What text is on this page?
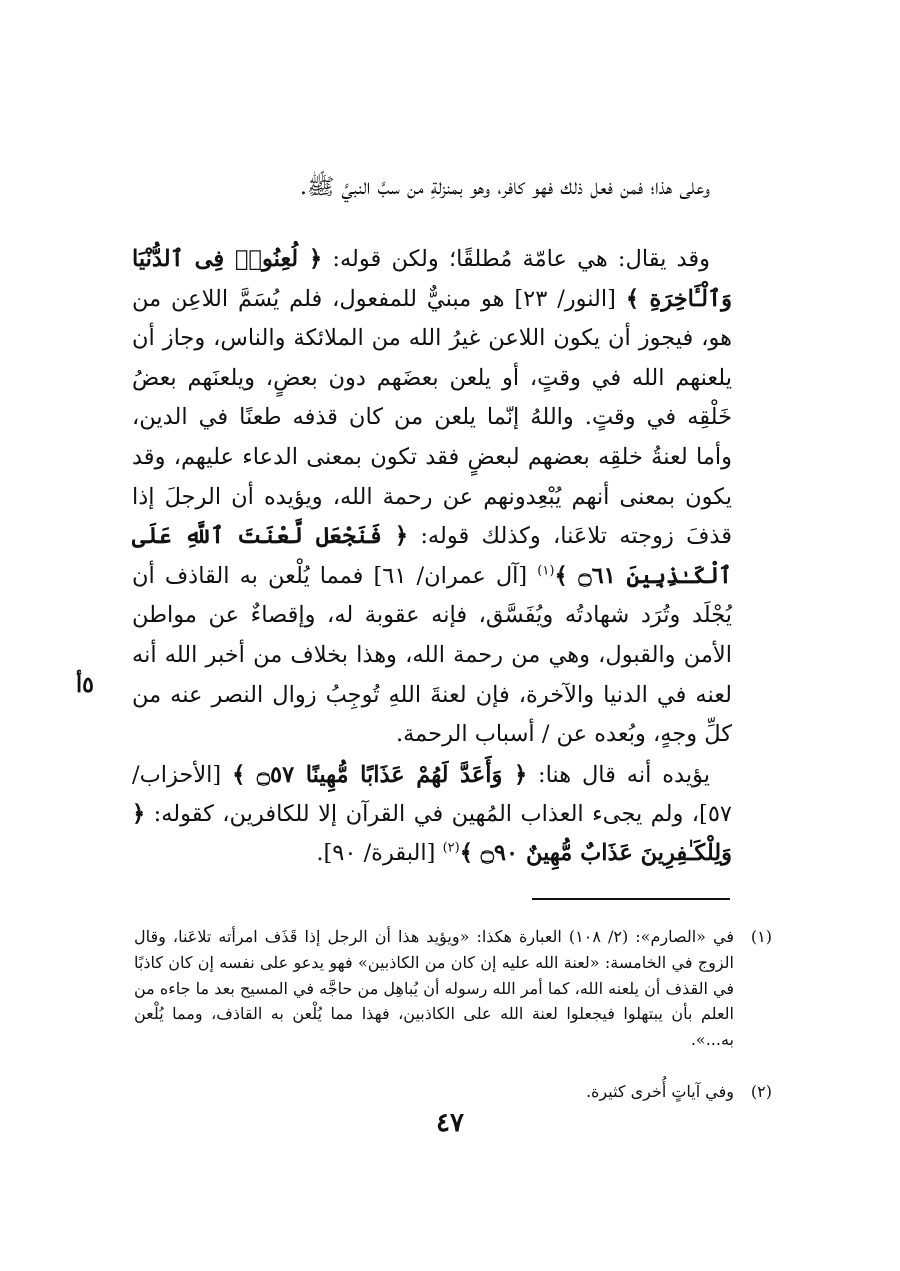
وعلى هذا؛ فمن فعل ذلك فهو كافر، وهو بمنزلةِ من سبَّ النبيَّ ﷺ.

وقد يقال: هي عامّة مُطلقًا؛ ولكن قوله: ﴿ لُعِنُوا۟ فِى ٱلدُّنْيَا وَٱلْـَٔاخِرَةِ ﴾ [النور/ ٢٣] هو مبنيٌّ للمفعول، فلم يُسَمَّ اللاعِن من هو، فيجوز أن يكون اللاعن غيرُ الله من الملائكة والناس، وجاز أن يلعنهم الله في وقتٍ، أو يلعن بعضَهم دون بعضٍ، ويلعنَهم بعضُ خَلْقِه في وقتٍ. واللهُ إنّما يلعن من كان قذفه طعنًا في الدين، وأما لعنةُ خلقِه بعضهم لبعضٍ فقد تكون بمعنى الدعاء عليهم، وقد يكون بمعنى أنهم يُبْعِدونهم عن رحمة الله، ويؤيده أن الرجلَ إذا قذفَ زوجته تلاعَنا، وكذلك قوله: ﴿ فَنَجْعَل لَّعْنَتَ ٱللَّهِ عَلَى ٱلْكَـٰذِبِينَ ۝٦١ ﴾$^{(١)}$ [آل عمران/ ٦١] فمما يُلْعن به القاذف أن يُجْلَد وتُرَد شهادتُه ويُفَسَّق، فإنه عقوبة له، وإقصاءٌ عن مواطن الأمن والقبول، وهي من رحمة الله، وهذا بخلاف من أخبر الله أنه لعنه في الدنيا والآخرة، فإن لعنةَ اللهِ تُوجِبُ زوال النصر عنه من كلِّ وجهٍ، وبُعده عن / أسباب الرحمة.

٥أ

يؤيده أنه قال هنا: ﴿ وَأَعَدَّ لَهُمْ عَذَابًا مُّهِينًا ۝٥٧ ﴾ [الأحزاب/ ٥٧]، ولم يجىء العذاب المُهين في القرآن إلا للكافرين، كقوله: ﴿ وَلِلْكَـٰفِرِينَ عَذَابٌ مُّهِينٌ ۝٩٠ ﴾$^{(٢)}$ [البقرة/ ٩٠].

(١)
في «الصارم»: (٢/ ١٠٨) العبارة هكذا: «ويؤيد هذا أن الرجل إذا قَذَف امرأته تلاعَنا، وقال الزوج في الخامسة: «لعنة الله عليه إن كان من الكاذبين» فهو يدعو على نفسه إن كان كاذبًا في القذف أن يلعنه الله، كما أمر الله رسوله أن يُباهِل من حاجَّه في المسيح بعد ما جاءه من العلم بأن يبتهلوا فيجعلوا لعنة الله على الكاذبين، فهذا مما يُلْعن به القاذف، ومما يُلْعن به...».
(٢)
وفي آياتٍ أُخرى كثيرة.
٤٧
